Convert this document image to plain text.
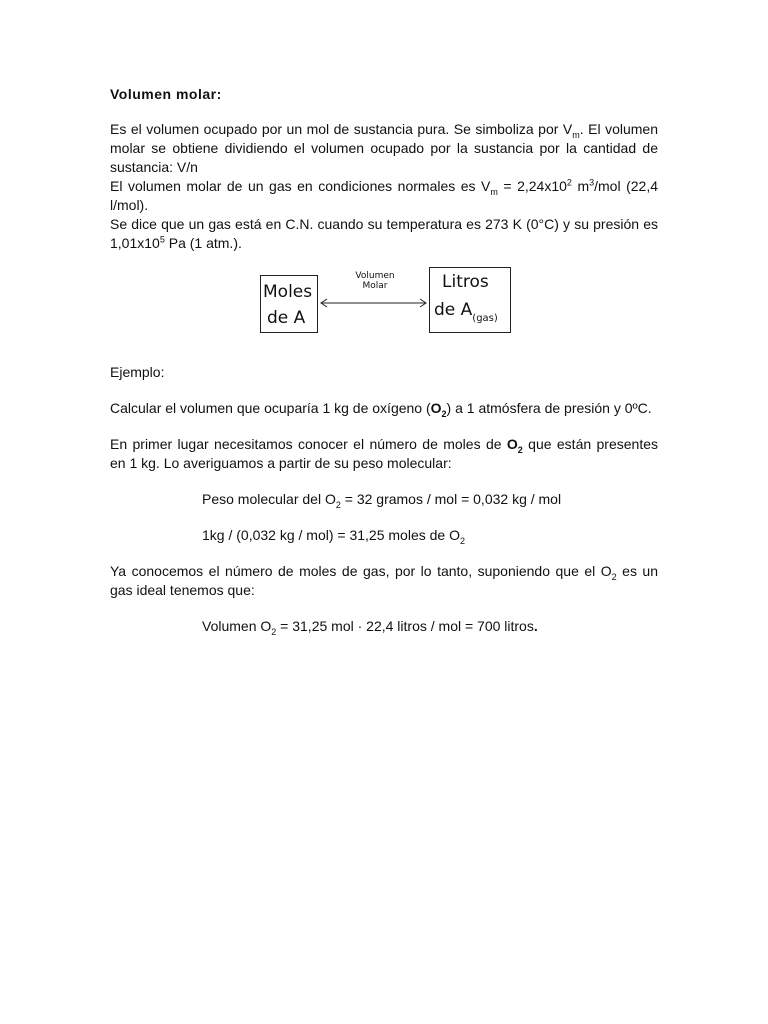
Volumen molar:

Es el volumen ocupado por un mol de sustancia pura. Se simboliza por $V_m$. El volumen molar se obtiene dividiendo el volumen ocupado por la sustancia por la cantidad de sustancia: V/n

El volumen molar de un gas en condiciones normales es $V_m = 2,24x10^2$ $m^3$/mol (22,4 l/mol).

Se dice que un gas está en C.N. cuando su temperatura es 273 K (0°C) y su presión es $1,01x10^5$ Pa (1 atm.).

Moles
de A
Volumen
Molar	Litros
de $A_{(gas)}$

Ejemplo:

Calcular el volumen que ocuparía 1 kg de oxígeno $(O_2)$ a 1 atmósfera de presión y 0ºC.

En primer lugar necesitamos conocer el número de moles de $O_2$ que están presentes en 1 kg. Lo averiguamos a partir de su peso molecular:

Peso molecular del $O_2 = 32$ gramos / mol = 0,032 kg / mol

1kg / (0,032 kg / mol) = 31,25 moles de $O_2$

Ya conocemos el número de moles de gas, por lo tanto, suponiendo que el $O_2$ es un gas ideal tenemos que:

Volumen $O_2 = 31,25$ mol · 22,4 litros / mol = 700 litros.
